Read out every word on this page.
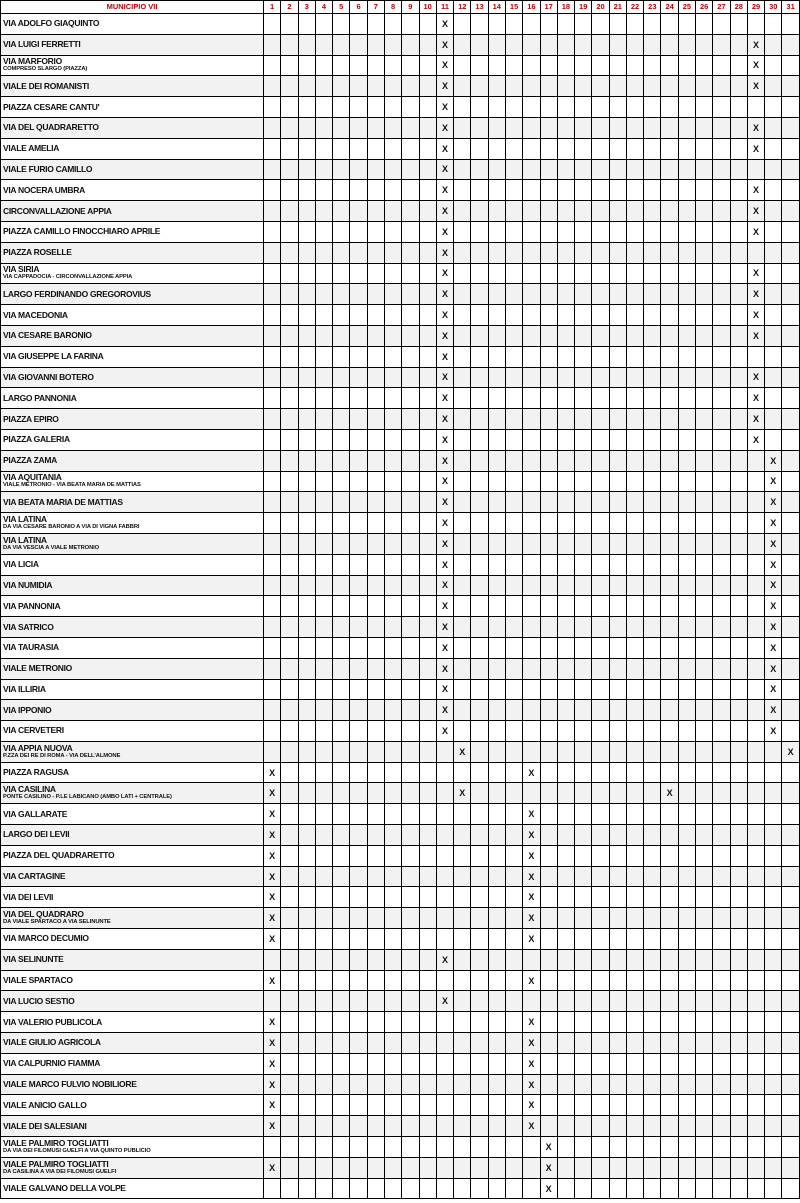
MUNICIPIO VII	1	2	3	4	5	6	7	8	9	10	11	12	13	14	15	16	17	18	19	20	21	22	23	24	25	26	27	28	29	30	31
VIA ADOLFO GIAQUINTO											X																				
VIA LUIGI FERRETTI											X																		X		
VIA MARFORIO
COMPRESO SLARGO (PIAZZA)											X																		X		
VIALE DEI ROMANISTI											X																		X		
PIAZZA CESARE CANTU'											X																				
VIA DEL QUADRARETTO											X																		X		
VIALE AMELIA											X																		X		
VIALE FURIO CAMILLO											X																				
VIA NOCERA UMBRA											X																		X		
CIRCONVALLAZIONE APPIA											X																		X		
PIAZZA CAMILLO FINOCCHIARO APRILE											X																		X		
PIAZZA ROSELLE											X																				
VIA SIRIA
VIA CAPPADOCIA - CIRCONVALLAZIONE APPIA											X																		X		
LARGO FERDINANDO GREGOROVIUS											X																		X		
VIA MACEDONIA											X																		X		
VIA CESARE BARONIO											X																		X		
VIA GIUSEPPE LA FARINA											X																				
VIA GIOVANNI BOTERO											X																		X		
LARGO PANNONIA											X																		X		
PIAZZA EPIRO											X																		X		
PIAZZA GALERIA											X																		X		
PIAZZA ZAMA											X																			X	
VIA AQUITANIA
VIALE METRONIO - VIA BEATA MARIA DE MATTIAS											X																			X	
VIA BEATA MARIA DE MATTIAS											X																			X	
VIA LATINA
DA VIA CESARE BARONIO A VIA DI VIGNA FABBRI											X																			X	
VIA LATINA
DA VIA VESCIA A VIALE METRONIO											X																			X	
VIA LICIA											X																			X	
VIA NUMIDIA											X																			X	
VIA PANNONIA											X																			X	
VIA SATRICO											X																			X	
VIA TAURASIA											X																			X	
VIALE METRONIO											X																			X	
VIA ILLIRIA											X																			X	
VIA IPPONIO											X																			X	
VIA CERVETERI											X																			X	
VIA APPIA NUOVA
P.ZZA DEI RE DI ROMA - VIA DELL'ALMONE												X																			X
PIAZZA RAGUSA	X															X															
VIA CASILINA
PONTE CASILINO - P.LE LABICANO (AMBO LATI + CENTRALE)	X											X												X							
VIA GALLARATE	X															X															
LARGO DEI LEVII	X															X															
PIAZZA DEL QUADRARETTO	X															X															
VIA CARTAGINE	X															X															
VIA DEI LEVII	X															X															
VIA DEL QUADRARO
DA VIALE SPARTACO A VIA SELINUNTE	X															X															
VIA MARCO DECUMIO	X															X															
VIA SELINUNTE											X																				
VIALE SPARTACO	X															X															
VIA LUCIO SESTIO											X																				
VIA VALERIO PUBLICOLA	X															X															
VIALE GIULIO AGRICOLA	X															X															
VIA CALPURNIO FIAMMA	X															X															
VIALE MARCO FULVIO NOBILIORE	X															X															
VIALE ANICIO GALLO	X															X															
VIALE DEI SALESIANI	X															X															
VIALE PALMIRO TOGLIATTI
DA VIA DEI FILOMUSI GUELFI A VIA QUINTO PUBLICIO																	X														
VIALE PALMIRO TOGLIATTI
DA CASILINA A VIA DEI FILOMUSI GUELFI	X																X														
VIALE GALVANO DELLA VOLPE																	X														
